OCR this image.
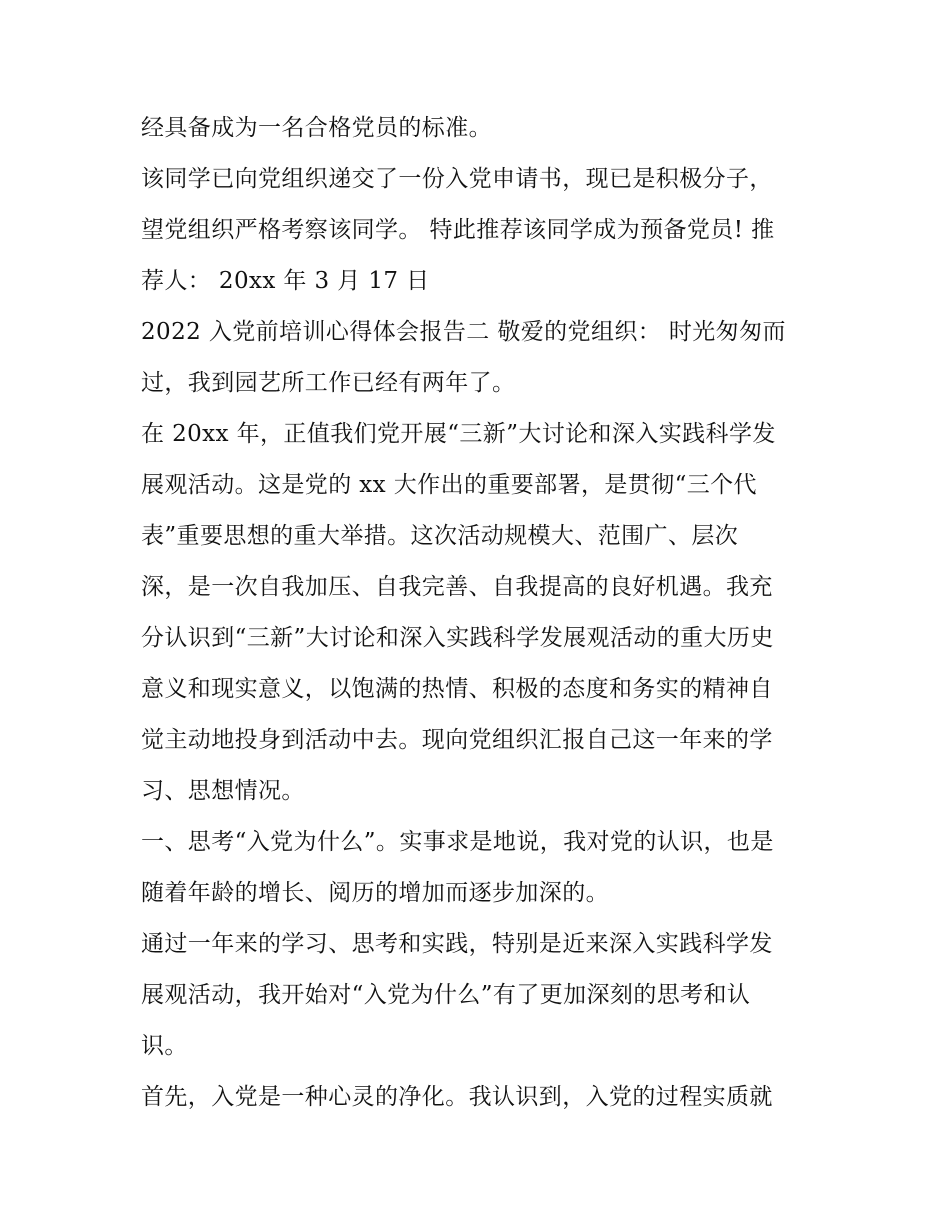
经具备成为一名合格党员的标准。
该同学已向党组织递交了一份入党申请书，现已是积极分子，
望党组织严格考察该同学。 特此推荐该同学成为预备党员! 推
荐人： 20xx 年 3 月 17 日
2022 入党前培训心得体会报告二 敬爱的党组织： 时光匆匆而
过，我到园艺所工作已经有两年了。
在 20xx 年，正值我们党开展“三新”大讨论和深入实践科学发
展观活动。这是党的 xx 大作出的重要部署，是贯彻“三个代
表”重要思想的重大举措。这次活动规模大、范围广、层次
深，是一次自我加压、自我完善、自我提高的良好机遇。我充
分认识到“三新”大讨论和深入实践科学发展观活动的重大历史
意义和现实意义，以饱满的热情、积极的态度和务实的精神自
觉主动地投身到活动中去。现向党组织汇报自己这一年来的学
习、思想情况。
一、思考“入党为什么”。实事求是地说，我对党的认识，也是
随着年龄的增长、阅历的增加而逐步加深的。
通过一年来的学习、思考和实践，特别是近来深入实践科学发
展观活动，我开始对“入党为什么”有了更加深刻的思考和认
识。
首先，入党是一种心灵的净化。我认识到，入党的过程实质就
